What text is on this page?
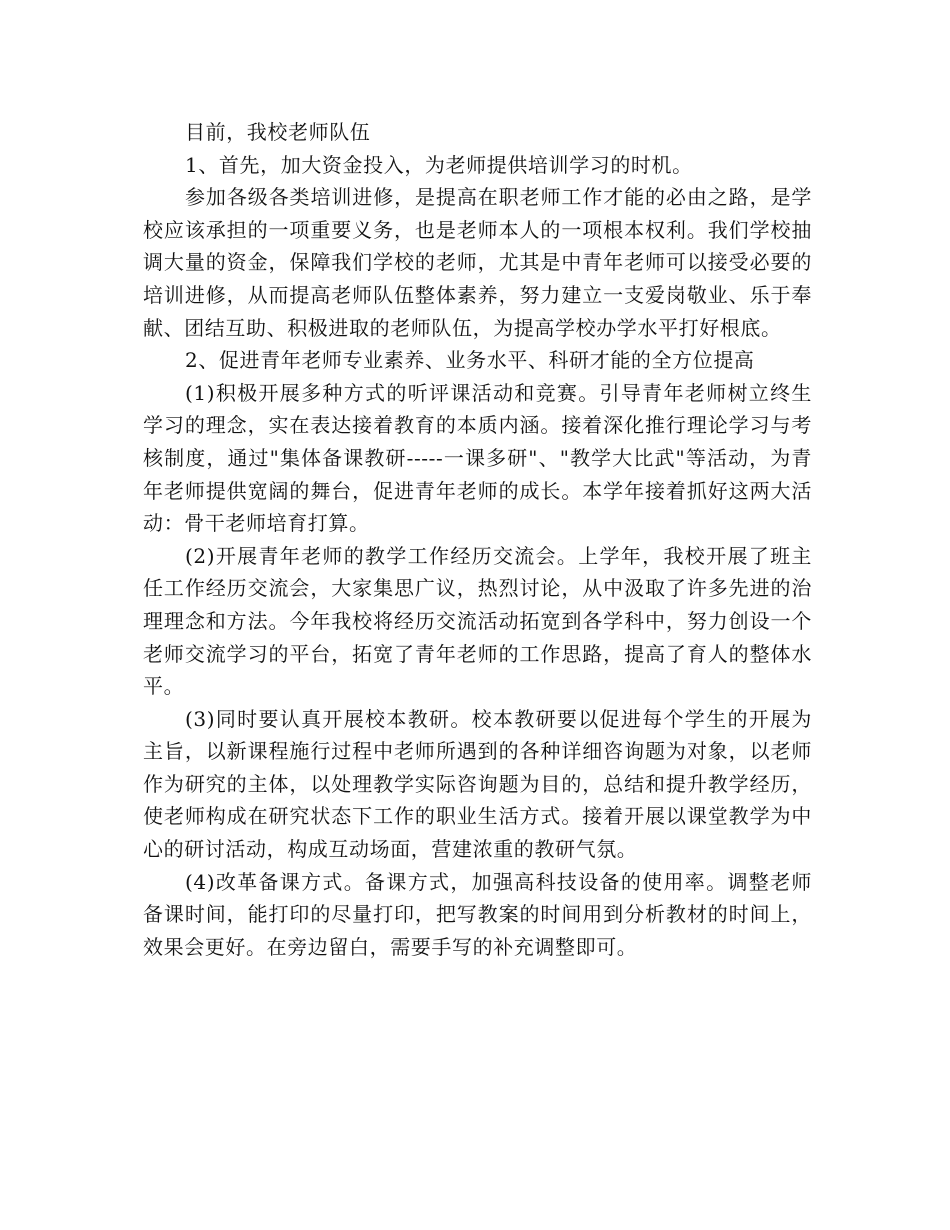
目前，我校老师队伍

1、首先，加大资金投入，为老师提供培训学习的时机。

参加各级各类培训进修，是提高在职老师工作才能的必由之路，是学校应该承担的一项重要义务，也是老师本人的一项根本权利。我们学校抽调大量的资金，保障我们学校的老师，尤其是中青年老师可以接受必要的培训进修，从而提高老师队伍整体素养，努力建立一支爱岗敬业、乐于奉献、团结互助、积极进取的老师队伍，为提高学校办学水平打好根底。

2、促进青年老师专业素养、业务水平、科研才能的全方位提高

(1)积极开展多种方式的听评课活动和竞赛。引导青年老师树立终生学习的理念，实在表达接着教育的本质内涵。接着深化推行理论学习与考核制度，通过"集体备课教研-----一课多研"、"教学大比武"等活动，为青年老师提供宽阔的舞台，促进青年老师的成长。本学年接着抓好这两大活动：骨干老师培育打算。

(2)开展青年老师的教学工作经历交流会。上学年，我校开展了班主任工作经历交流会，大家集思广议，热烈讨论，从中汲取了许多先进的治理理念和方法。今年我校将经历交流活动拓宽到各学科中，努力创设一个老师交流学习的平台，拓宽了青年老师的工作思路，提高了育人的整体水平。

(3)同时要认真开展校本教研。校本教研要以促进每个学生的开展为主旨，以新课程施行过程中老师所遇到的各种详细咨询题为对象，以老师作为研究的主体，以处理教学实际咨询题为目的，总结和提升教学经历，使老师构成在研究状态下工作的职业生活方式。接着开展以课堂教学为中心的研讨活动，构成互动场面，营建浓重的教研气氛。

(4)改革备课方式。备课方式，加强高科技设备的使用率。调整老师备课时间，能打印的尽量打印，把写教案的时间用到分析教材的时间上，效果会更好。在旁边留白，需要手写的补充调整即可。
